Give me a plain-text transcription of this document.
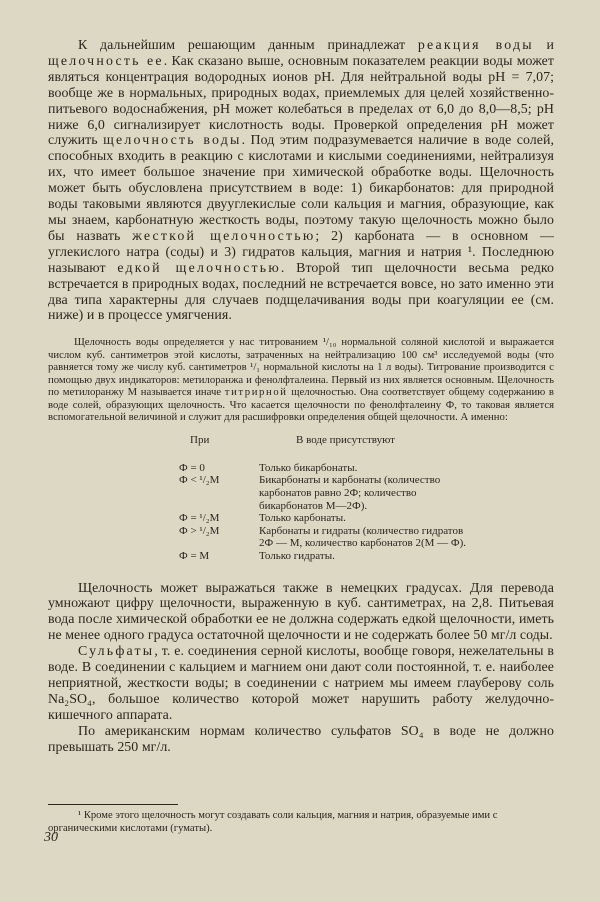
К дальнейшим решающим данным принадлежат реакция воды и щелочность ее. Как сказано выше, основным показателем реакции воды может являться концентрация водородных ионов рН. Для нейтральной воды рН = 7,07; вообще же в нормальных, природных водах, приемлемых для целей хозяйственно-питьевого водоснабжения, рН может колебаться в пределах от 6,0 до 8,0—8,5; рН ниже 6,0 сигнализирует кислотность воды. Проверкой определения рН может служить щелочность воды. Под этим подразумевается наличие в воде солей, способных входить в реакцию с кислотами и кислыми соединениями, нейтрализуя их, что имеет большое значение при химической обработке воды. Щелочность может быть обусловлена присутствием в воде: 1) бикарбонатов: для природной воды таковыми являются двууглекислые соли кальция и магния, образующие, как мы знаем, карбонатную жесткость воды, поэтому такую щелочность можно было бы назвать жесткой щелочностью; 2) карбоната — в основном — углекислого натра (соды) и 3) гидратов кальция, магния и натрия ¹. Последнюю называют едкой щелочностью. Второй тип щелочности весьма редко встречается в природных водах, последний не встречается вовсе, но зато именно эти два типа характерны для случаев подщелачивания воды при коагуляции ее (см. ниже) и в процессе умягчения.

Щелочность воды определяется у нас титрованием ¹/₁₀ нормальной соляной кислотой и выражается числом куб. сантиметров этой кислоты, затраченных на нейтрализацию 100 см³ исследуемой воды (что равняется тому же числу куб. сантиметров ¹/₁ нормальной кислоты на 1 л воды). Титрование производится с помощью двух индикаторов: метилоранжа и фенолфталеина. Первый из них является основным. Щелочность по метилоранжу М называется иначе титрирной щелочностью. Она соответствует общему содержанию в воде солей, образующих щелочность. Что касается щелочности по фенолфталеину Ф, то таковая является вспомогательной величиной и служит для расшифровки определения общей щелочности. А именно:

При	В воде присутствуют
Ф = 0	Только бикарбонаты.
Ф < ¹/₂М	Бикарбонаты и карбонаты (количество карбонатов равно 2Ф; количество бикарбонатов М—2Ф).
Ф = ¹/₂М	Только карбонаты.
Ф > ¹/₂М	Карбонаты и гидраты (количество гидратов 2Ф — М, количество карбонатов 2(М — Ф).
Ф = М	Только гидраты.

Щелочность может выражаться также в немецких градусах. Для перевода умножают цифру щелочности, выраженную в куб. сантиметрах, на 2,8. Питьевая вода после химической обработки ее не должна содержать едкой щелочности, иметь не менее одного градуса остаточной щелочности и не содержать более 50 мг/л соды.

Сульфаты, т. е. соединения серной кислоты, вообще говоря, нежелательны в воде. В соединении с кальцием и магнием они дают соли постоянной, т. е. наиболее неприятной, жесткости воды; в соединении с натрием мы имеем глауберову соль Na₂SO₄, большое количество которой может нарушить работу желудочно-кишечного аппарата.

По американским нормам количество сульфатов SO₄ в воде не должно превышать 250 мг/л.

¹ Кроме этого щелочность могут создавать соли кальция, магния и натрия, образуемые ими с органическими кислотами (гуматы).

30
